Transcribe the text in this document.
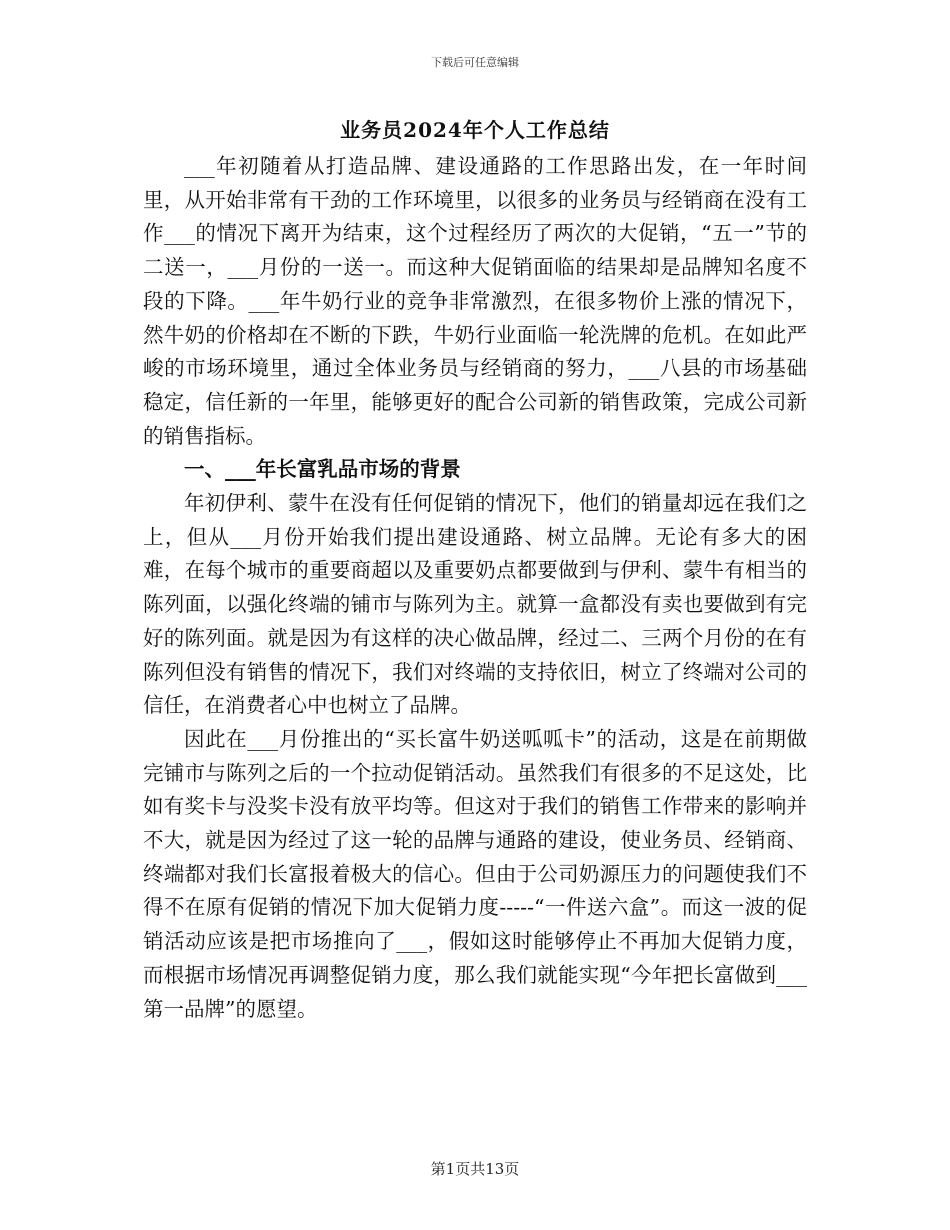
下载后可任意编辑
业务员2024年个人工作总结

___年初随着从打造品牌、建设通路的工作思路出发，在一年时间里，从开始非常有干劲的工作环境里，以很多的业务员与经销商在没有工作___的情况下离开为结束，这个过程经历了两次的大促销，“五一”节的二送一，___月份的一送一。而这种大促销面临的结果却是品牌知名度不段的下降。___年牛奶行业的竞争非常激烈，在很多物价上涨的情况下，然牛奶的价格却在不断的下跌，牛奶行业面临一轮洗牌的危机。在如此严峻的市场环境里，通过全体业务员与经销商的努力，___八县的市场基础稳定，信任新的一年里，能够更好的配合公司新的销售政策，完成公司新的销售指标。

一、___年长富乳品市场的背景

年初伊利、蒙牛在没有任何促销的情况下，他们的销量却远在我们之上，但从___月份开始我们提出建设通路、树立品牌。无论有多大的困难，在每个城市的重要商超以及重要奶点都要做到与伊利、蒙牛有相当的陈列面，以强化终端的铺市与陈列为主。就算一盒都没有卖也要做到有完好的陈列面。就是因为有这样的决心做品牌，经过二、三两个月份的在有陈列但没有销售的情况下，我们对终端的支持依旧，树立了终端对公司的信任，在消费者心中也树立了品牌。

因此在___月份推出的“买长富牛奶送呱呱卡”的活动，这是在前期做完铺市与陈列之后的一个拉动促销活动。虽然我们有很多的不足这处，比如有奖卡与没奖卡没有放平均等。但这对于我们的销售工作带来的影响并不大，就是因为经过了这一轮的品牌与通路的建设，使业务员、经销商、终端都对我们长富报着极大的信心。但由于公司奶源压力的问题使我们不得不在原有促销的情况下加大促销力度-----“一件送六盒”。而这一波的促销活动应该是把市场推向了___，假如这时能够停止不再加大促销力度，而根据市场情况再调整促销力度，那么我们就能实现“今年把长富做到___第一品牌”的愿望。

第1页共13页
